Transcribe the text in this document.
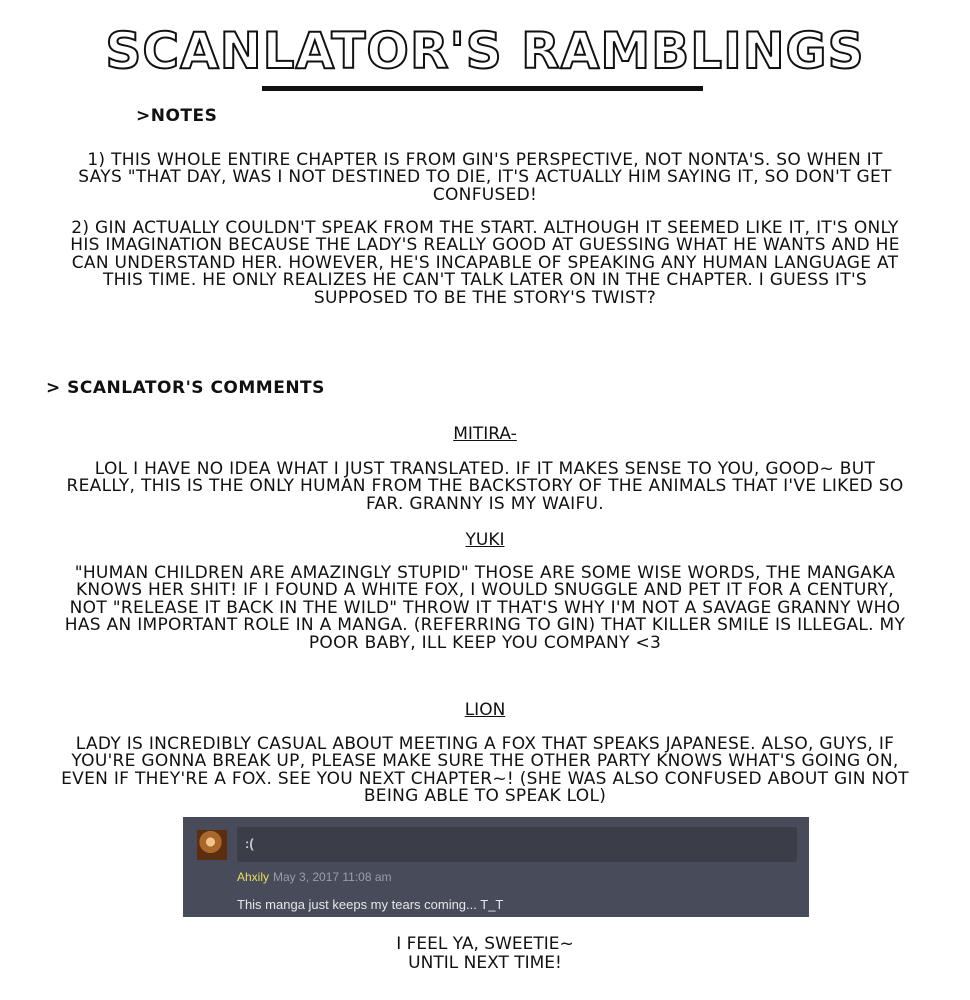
SCANLATOR'S RAMBLINGS
>NOTES

1) THIS WHOLE ENTIRE CHAPTER IS FROM GIN'S PERSPECTIVE, NOT NONTA'S. SO WHEN IT SAYS "THAT DAY, WAS I NOT DESTINED TO DIE, IT'S ACTUALLY HIM SAYING IT, SO DON'T GET CONFUSED!

2) GIN ACTUALLY COULDN'T SPEAK FROM THE START. ALTHOUGH IT SEEMED LIKE IT, IT'S ONLY HIS IMAGINATION BECAUSE THE LADY'S REALLY GOOD AT GUESSING WHAT HE WANTS AND HE CAN UNDERSTAND HER. HOWEVER, HE'S INCAPABLE OF SPEAKING ANY HUMAN LANGUAGE AT THIS TIME. HE ONLY REALIZES HE CAN'T TALK LATER ON IN THE CHAPTER. I GUESS IT'S SUPPOSED TO BE THE STORY'S TWIST?

> SCANLATOR'S COMMENTS

MITIRA-

LOL I HAVE NO IDEA WHAT I JUST TRANSLATED. IF IT MAKES SENSE TO YOU, GOOD~ BUT REALLY, THIS IS THE ONLY HUMAN FROM THE BACKSTORY OF THE ANIMALS THAT I'VE LIKED SO FAR. GRANNY IS MY WAIFU.

YUKI

"HUMAN CHILDREN ARE AMAZINGLY STUPID" THOSE ARE SOME WISE WORDS, THE MANGAKA KNOWS HER SHIT! IF I FOUND A WHITE FOX, I WOULD SNUGGLE AND PET IT FOR A CENTURY, NOT "RELEASE IT BACK IN THE WILD" THROW IT THAT'S WHY I'M NOT A SAVAGE GRANNY WHO HAS AN IMPORTANT ROLE IN A MANGA. (REFERRING TO GIN) THAT KILLER SMILE IS ILLEGAL. MY POOR BABY, ILL KEEP YOU COMPANY <3

LION

LADY IS INCREDIBLY CASUAL ABOUT MEETING A FOX THAT SPEAKS JAPANESE. ALSO, GUYS, IF YOU'RE GONNA BREAK UP, PLEASE MAKE SURE THE OTHER PARTY KNOWS WHAT'S GOING ON, EVEN IF THEY'RE A FOX. SEE YOU NEXT CHAPTER~! (SHE WAS ALSO CONFUSED ABOUT GIN NOT BEING ABLE TO SPEAK LOL)

:(
Ahxily May 3, 2017 11:08 am
This manga just keeps my tears coming... T_T

I FEEL YA, SWEETIE~

UNTIL NEXT TIME!
